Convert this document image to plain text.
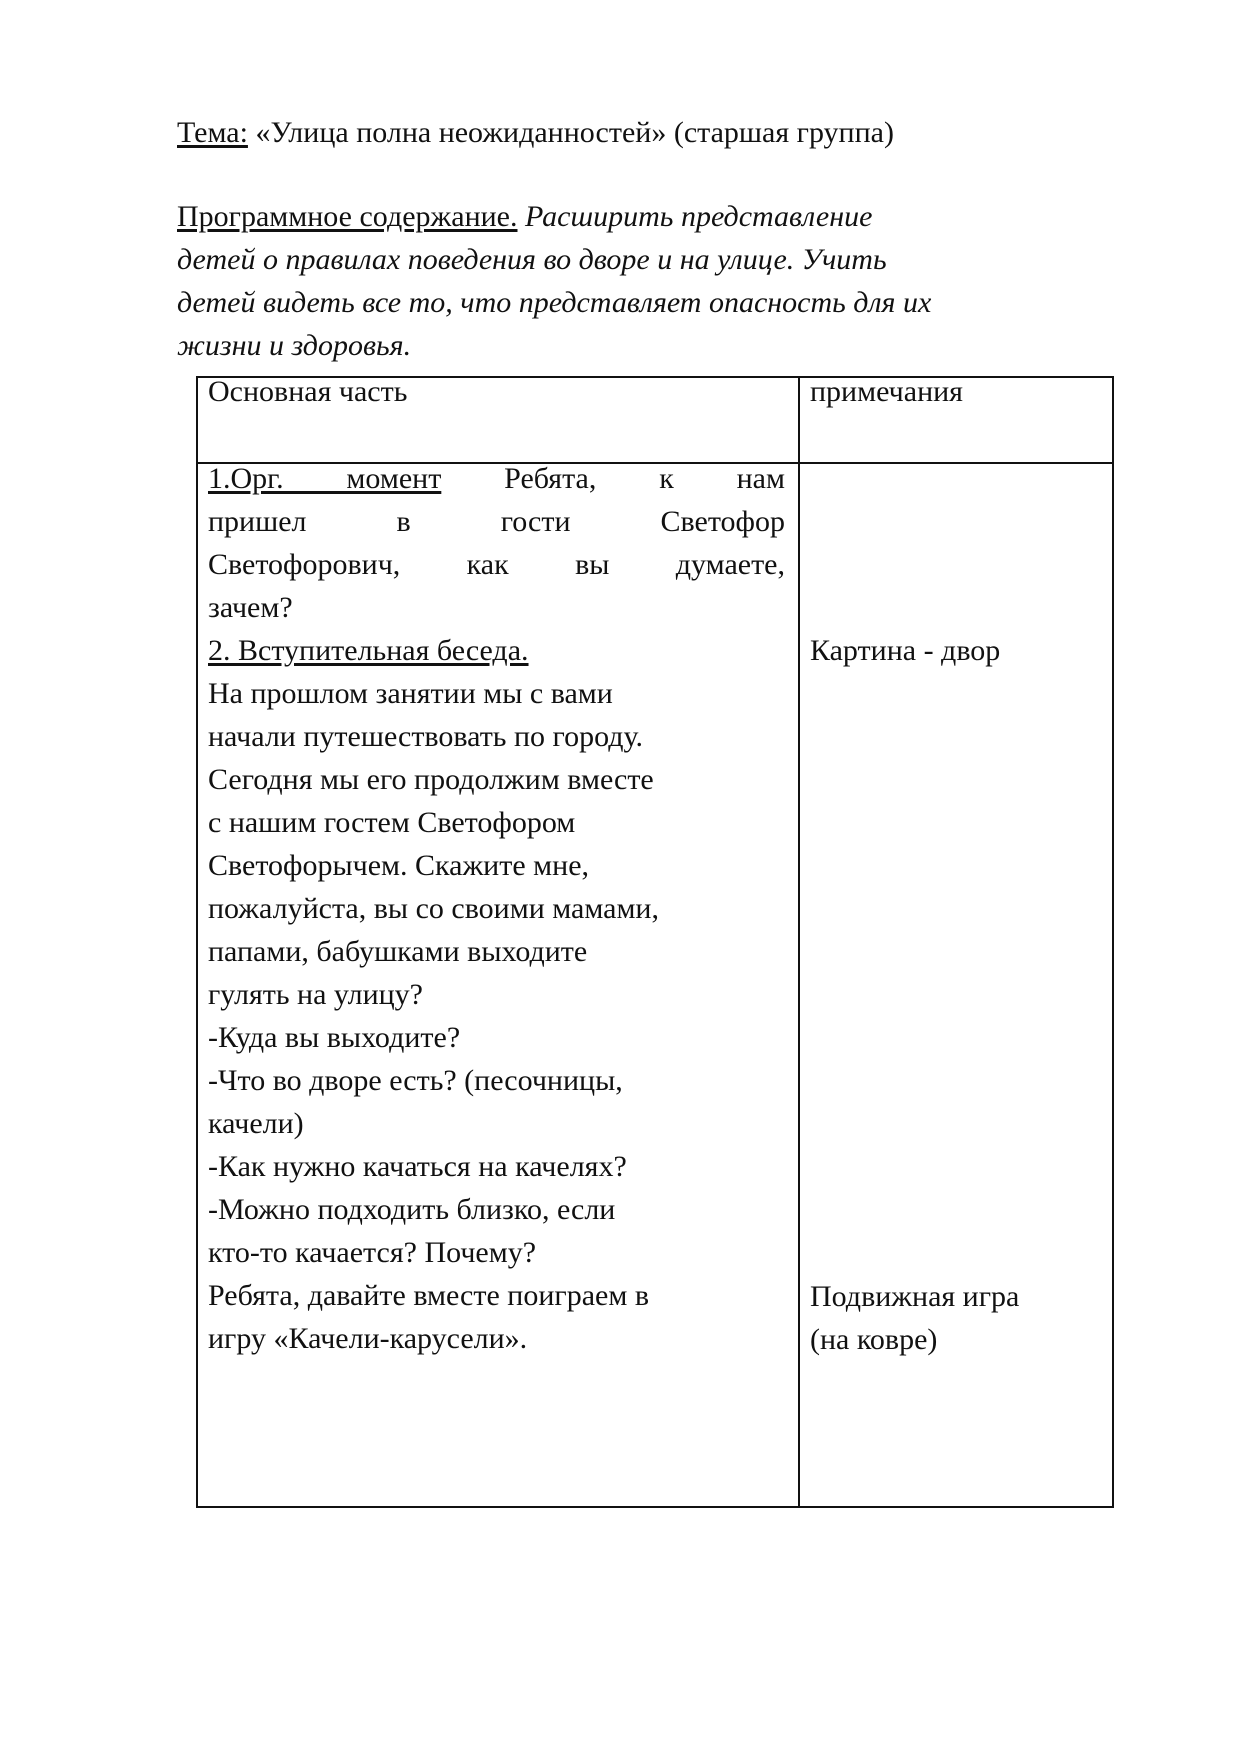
Тема: «Улица полна неожиданностей» (старшая группа)
Программное содержание. Расширить представление
детей о правилах поведения во дворе и на улице. Учить
детей видеть все то, что представляет опасность для их
жизни и здоровья.
Основная часть	примечания
1.Орг. момент Ребята, к нам
пришел в гости Светофор
Светофорович, как вы думаете,
зачем?
2. Вступительная беседа.
На прошлом занятии мы с вами
начали путешествовать по городу.
Сегодня мы его продолжим вместе
с нашим гостем Светофором
Светофорычем. Скажите мне,
пожалуйста, вы со своими мамами,
папами, бабушками выходите
гулять на улицу?
-Куда вы выходите?
-Что во дворе есть? (песочницы,
качели)
-Как нужно качаться на качелях?
-Можно подходить близко, если
кто-то качается? Почему?
Ребята, давайте вместе поиграем в
игру «Качели-карусели».
Картина - двор
Подвижная игра
(на ковре)
